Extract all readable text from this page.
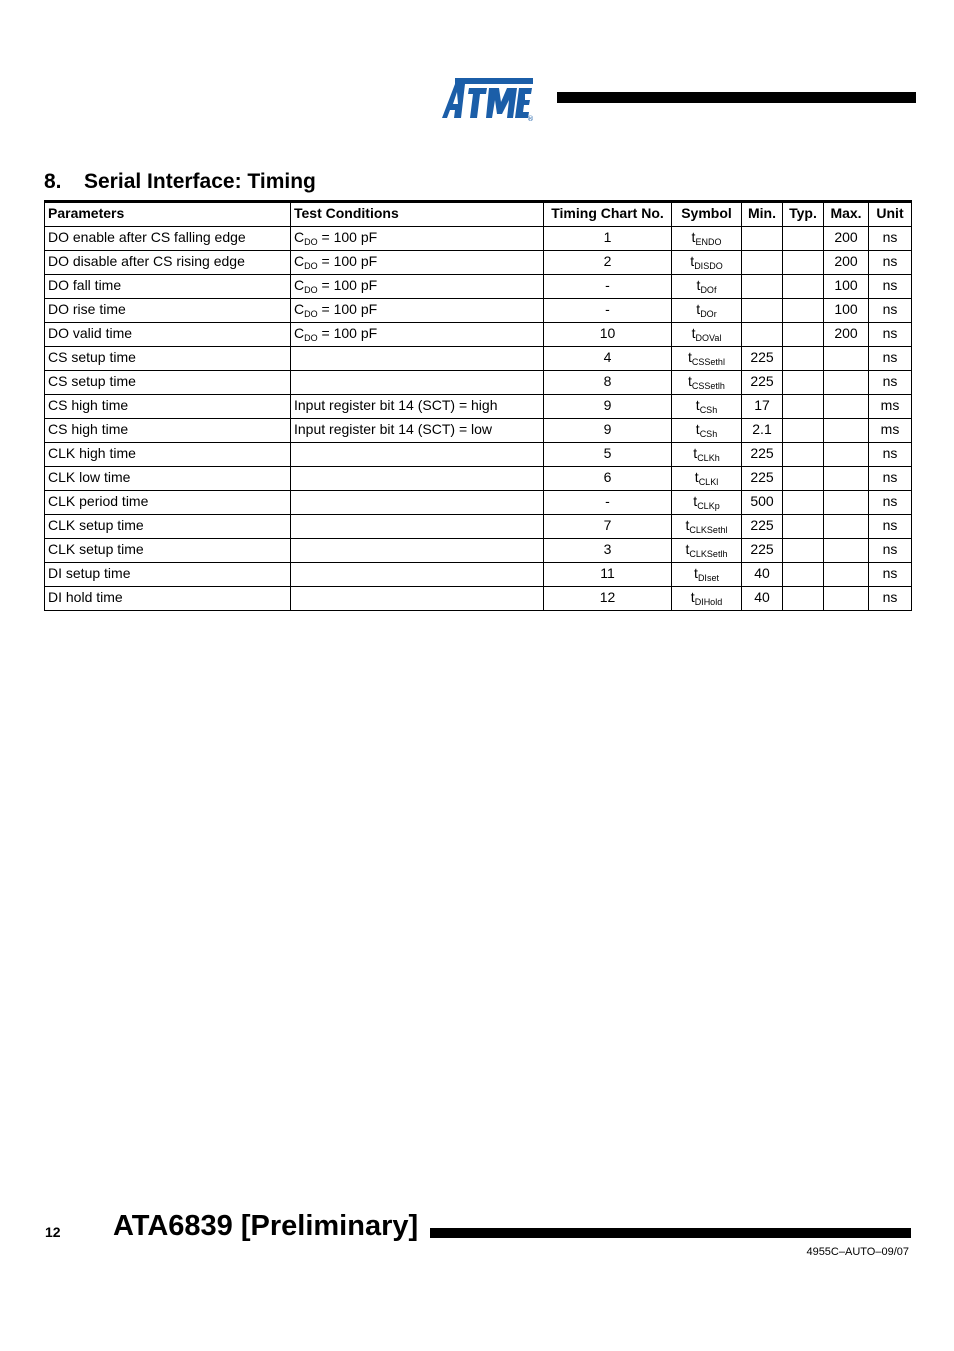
®
ATMEL
8. Serial Interface: Timing
Parameters	Test Conditions	Timing Chart No.	Symbol	Min.	Typ.	Max.	Unit
DO enable after CS falling edge	$C_{DO} = 100$ pF	1	$t_{ENDO}$			200	ns
DO disable after CS rising edge	$C_{DO} = 100$ pF	2	$t_{DISDO}$			200	ns
DO fall time	$C_{DO} = 100$ pF	-	$t_{DOf}$			100	ns
DO rise time	$C_{DO} = 100$ pF	-	$t_{DOr}$			100	ns
DO valid time	$C_{DO} = 100$ pF	10	$t_{DOVal}$			200	ns
CS setup time		4	$t_{CSSethl}$	225			ns
CS setup time		8	$t_{CSSetlh}$	225			ns
CS high time	Input register bit 14 (SCT) = high	9	$t_{CSh}$	17			ms
CS high time	Input register bit 14 (SCT) = low	9	$t_{CSh}$	2.1			ms
CLK high time		5	$t_{CLKh}$	225			ns
CLK low time		6	$t_{CLKl}$	225			ns
CLK period time		-	$t_{CLKp}$	500			ns
CLK setup time		7	$t_{CLKSethl}$	225			ns
CLK setup time		3	$t_{CLKSetlh}$	225			ns
DI setup time		11	$t_{DIset}$	40			ns
DI hold time		12	$t_{DIHold}$	40			ns
12 ATA6839 [Preliminary]
4955C–AUTO–09/07
